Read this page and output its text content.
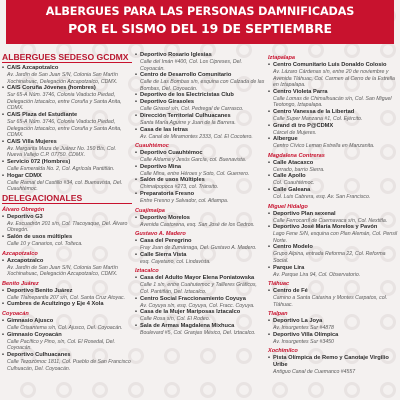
ALBERGUES PARA LAS PERSONAS DAMNIFICADAS
POR EL SISMO DEL 19 DE SEPTIEMBRE
ALBERGUES SEDESO GCDMX
• CAIS Azcapotzalco
Av. Jardín de San Juan S/N, Colonia San Martín Xochinahuac, Delegación Azcapotzalco, CDMX.
• CAIS Coruña Jóvenes (hombres)
Sur 65-A Núm. 3746, Colonia Viaducto Piedad, Delegación Iztacalco, entre Coruña y Santa Anita, CDMX.
• CAIS Plaza del Estudiante
Sur 65-A Núm. 3746, Colonia Viaducto Piedad, Delegación Iztacalco, entre Coruña y Santa Anita, CDMX.
• CAIS Villa Mujeres
Av. Margarita Maza de Juárez No. 150 Bis, Col. Nueva Vallejo C.P. 07750. CDMX.
• Servicio 072 (Hombres)
Calle Esmeralda No. 2, Col. Agrícola Pantitlán.
• Hogar CDMX
Calle Ramal del Castillo #34, col. Buenavista, Del. Cuauhtémoc.
DELEGACIONALES
Álvaro Obregón
• Deportivo G3
Av. Escuadrón 201 s/n, Col. Tlacoyaque, Del. Álvaro Obregón.
• Salón de usos múltiples
Calle 10 y Canarios, col. Tolteca.
Azcapotzalco
• Azcapotzalco
Av. Jardín de San Juan S/N, Colonia San Martín Xochinahuac, Delegación Azcapotzalco, CDMX.
Benito Juárez
• Deportivo Benito Juárez
Calle Tlalnepantla 207 s/n, Col. Santa Cruz Atoyac.
• Cumbres de Acultzingo y Eje 4 Xola
Coyoacán
• Gimnasio Ajusco
Calle Crisantema s/n, Col. Ajusco, Del. Coyoacán.
• Gimnasio Coyoacán
Calle Pacífico y Pino, s/n, Col. El Rosedal, Del. Coyoacán.
• Deportivo Culhuacanes
Calle Tezozómoc 1811, Col. Pueblo de San Francisco Culhuacán, Del. Coyoacán.
• Deportivo Rosario Iglesias
Calle del Imán #400, Col. Los Cipreses, Del. Coyoacán.
• Centro de Desarrollo Comunitario
Calle de Las Bombas s/n, esquina con Calzada de las Bombas, Del. Coyoacán.
• Deportivo de los Electricistas Club
• Deportivo Girasoles
Calle Girasol s/n, Col. Pedregal de Carrasco.
• Dirección Territorial Culhuacanes
Santa María Aguirre y Juan de la Barrera.
• Casa de las letras
Av. Canal de Miramontes 2333, Col. El Cocotero.
Cuauhtémoc
• Deportivo Cuauhtémoc
Calle Aldama y Jesús García, col. Buenavista.
• Deportivo Mina
Calle Mina, entre Héroes y Soto, Col. Guerrero.
• Salón de usos Múltiples
Chimalpopoca #273, col. Tránsito.
• Preparatoria Fresno
Entre Fresno y Salvador, col. Atlampa.
Cuajimalpa
• Deportivo Morelos
Avenida Castorena, esq. San José de los Cedros.
Gustavo A. Madero
• Casa del Peregrino
Fray Juan de Zumárraga, Del. Gustavo A. Madero.
• Calle Sierra Vista
esq. Cayetano, col. Lindavista.
Iztacalco
• Casa del Adulto Mayor Elena Poniatowska
Calle 1 s/n, entre Cuahutemoc y Tallleres Gráficos, Col. Pantitlán, Del. Iztacalco.
• Centro Social Fraccionamiento Coyuya
Av. Coyuya s/n, esq. Coyuya, Col. Fracc. Coyuya.
• Casa de la Mujer Mariposas Iztacalco
Calle Rosa s/n, Col. El Rodeo.
• Sala de Armas Magdalena Mixhuca
Boulevard #5, Col. Granjas México, Del. Iztacalco.
Iztapalapa
• Centro Comunitario Luis Donaldo Colosio
Av. Lázaro Cárdenas s/n, entre 20 de noviembre y Avenida Tláhuac, Col. Carmen al Cerro de la Estrella en Iztapalapa.
• Centro Violeta Parra
Calle Lomas de Chimalhuacán s/n, Col. San Miguel Teotongo, Iztapalapa.
• Centro Vanessa de la Libertad
Calle Super Manzana #1, Col. Ejército.
• Grand di tro P@CDMX
Cárcel de Mujeres.
• Albergue
Centro Cívico Leman Estrella en Manzanita.
Magdalena Contreras
• Calle Atacaxco
Cerrado, barrio Sierra.
• Calle Apollo
Col. Cuauhtémoc.
• Calle Galeana
Col. Luis Cabrera, esq. Av. San Francisco.
Miguel Hidalgo
• Deportivo Plan sexenal
Calle Ferrocarril de Cuernavaca s/n, Col. Nextitla.
• Deportivo José María Morelos y Pavón
Lago Fene S/N, esquina con Plan Alemán, Col. Pensil Norte.
• Centro Modelo
Grupo Alpina, entrada Reforma 22, Col. Reforma Social.
• Parque Lira
Av. Parque Lira 94, Col. Observatorio.
Tláhuac
• Centro de Fé
Camino a Santa Catarina y Montes Carpatos, col. Tláhuac.
Tlalpan
• Deportivo La Joya
Av. Insurgentes Sur #4878
• Deportivo Villa Olímpica
Av. Insurgentes Sur #3450
Xochimilco
• Pista Olímpica de Remo y Canotaje Virgilio Uribe
Antiguo Canal de Cuemanco #4557
